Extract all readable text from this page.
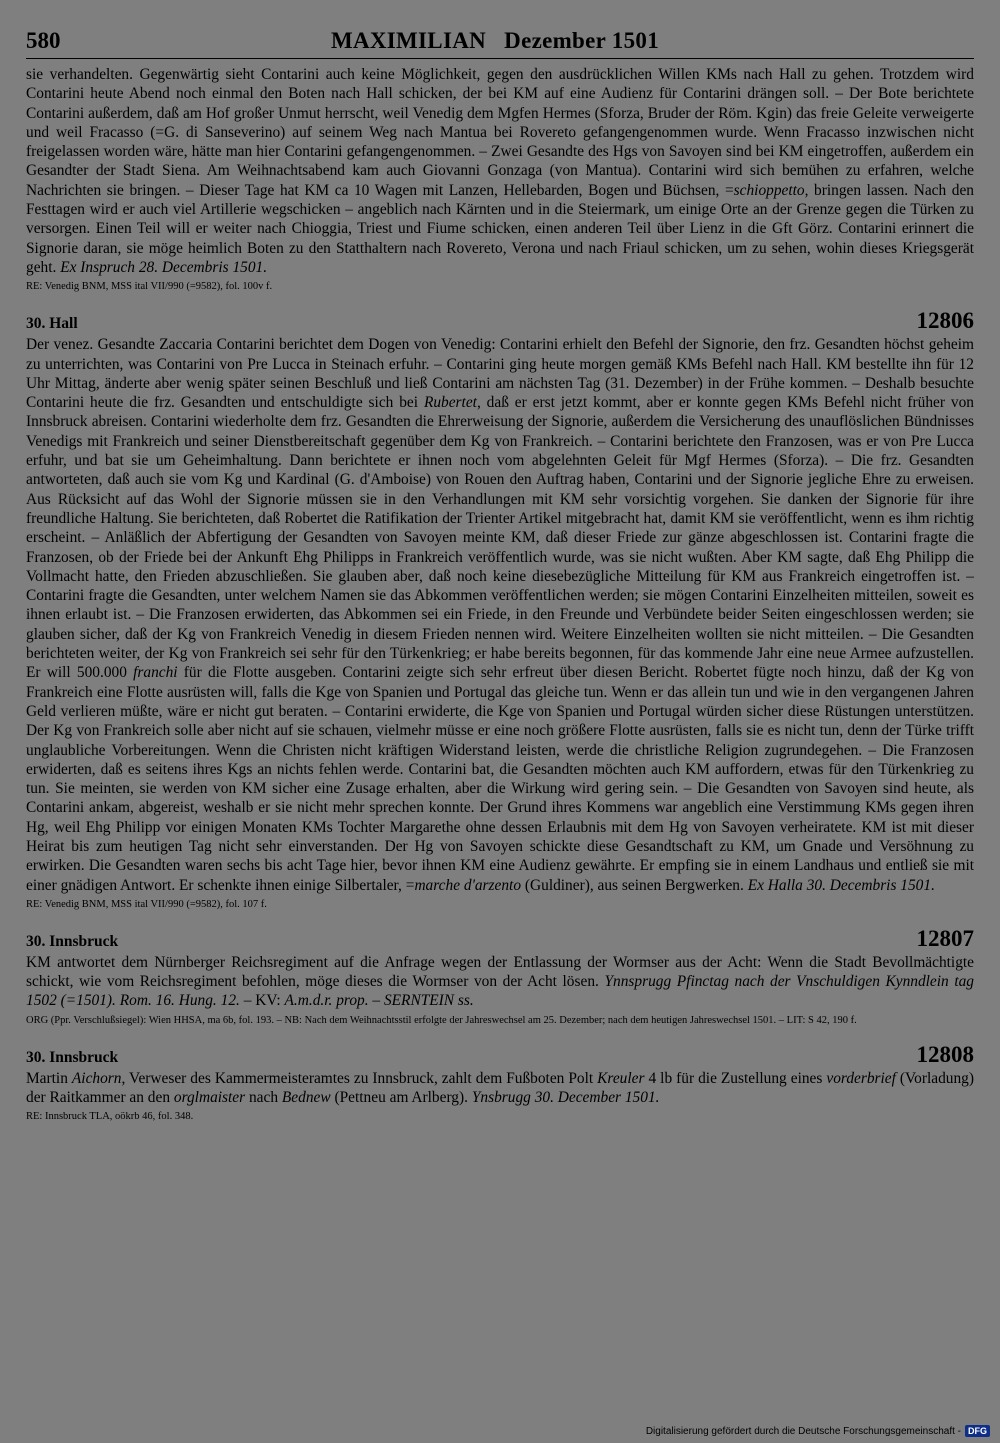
580	MAXIMILIAN   Dezember 1501

sie verhandelten. Gegenwärtig sieht Contarini auch keine Möglichkeit, gegen den ausdrücklichen Willen KMs nach Hall zu gehen. Trotzdem wird Contarini heute Abend noch einmal den Boten nach Hall schicken, der bei KM auf eine Audienz für Contarini drängen soll. – Der Bote berichtete Contarini außerdem, daß am Hof großer Unmut herrscht, weil Venedig dem Mgfen Hermes (Sforza, Bruder der Röm. Kgin) das freie Geleite verweigerte und weil Fracasso (=G. di Sanseverino) auf seinem Weg nach Mantua bei Rovereto gefangengenommen wurde. Wenn Fracasso inzwischen nicht freigelassen worden wäre, hätte man hier Contarini gefangengenommen. – Zwei Gesandte des Hgs von Savoyen sind bei KM eingetroffen, außerdem ein Gesandter der Stadt Siena. Am Weihnachtsabend kam auch Giovanni Gonzaga (von Mantua). Contarini wird sich bemühen zu erfahren, welche Nachrichten sie bringen. – Dieser Tage hat KM ca 10 Wagen mit Lanzen, Hellebarden, Bogen und Büchsen, =schioppetto, bringen lassen. Nach den Festtagen wird er auch viel Artillerie wegschicken – angeblich nach Kärnten und in die Steiermark, um einige Orte an der Grenze gegen die Türken zu versorgen. Einen Teil will er weiter nach Chioggia, Triest und Fiume schicken, einen anderen Teil über Lienz in die Gft Görz. Contarini erinnert die Signorie daran, sie möge heimlich Boten zu den Statthaltern nach Rovereto, Verona und nach Friaul schicken, um zu sehen, wohin dieses Kriegsgerät geht. Ex Inspruch 28. Decembris 1501.

RE: Venedig BNM, MSS ital VII/990 (=9582), fol. 100v f.

30. Hall	12806

Der venez. Gesandte Zaccaria Contarini berichtet dem Dogen von Venedig: Contarini erhielt den Befehl der Signorie, den frz. Gesandten höchst geheim zu unterrichten, was Contarini von Pre Lucca in Steinach erfuhr. – Contarini ging heute morgen gemäß KMs Befehl nach Hall. KM bestellte ihn für 12 Uhr Mittag, änderte aber wenig später seinen Beschluß und ließ Contarini am nächsten Tag (31. Dezember) in der Frühe kommen. – Deshalb besuchte Contarini heute die frz. Gesandten und entschuldigte sich bei Rubertet, daß er erst jetzt kommt, aber er konnte gegen KMs Befehl nicht früher von Innsbruck abreisen. Contarini wiederholte dem frz. Gesandten die Ehrerweisung der Signorie, außerdem die Versicherung des unauflöslichen Bündnisses Venedigs mit Frankreich und seiner Dienstbereitschaft gegenüber dem Kg von Frankreich. – Contarini berichtete den Franzosen, was er von Pre Lucca erfuhr, und bat sie um Geheimhaltung. Dann berichtete er ihnen noch vom abgelehnten Geleit für Mgf Hermes (Sforza). – Die frz. Gesandten antworteten, daß auch sie vom Kg und Kardinal (G. d'Amboise) von Rouen den Auftrag haben, Contarini und der Signorie jegliche Ehre zu erweisen. Aus Rücksicht auf das Wohl der Signorie müssen sie in den Verhandlungen mit KM sehr vorsichtig vorgehen. Sie danken der Signorie für ihre freundliche Haltung. Sie berichteten, daß Robertet die Ratifikation der Trienter Artikel mitgebracht hat, damit KM sie veröffentlicht, wenn es ihm richtig erscheint. – Anläßlich der Abfertigung der Gesandten von Savoyen meinte KM, daß dieser Friede zur gänze abgeschlossen ist. Contarini fragte die Franzosen, ob der Friede bei der Ankunft Ehg Philipps in Frankreich veröffentlich wurde, was sie nicht wußten. Aber KM sagte, daß Ehg Philipp die Vollmacht hatte, den Frieden abzuschließen. Sie glauben aber, daß noch keine diesebezügliche Mitteilung für KM aus Frankreich eingetroffen ist. – Contarini fragte die Gesandten, unter welchem Namen sie das Abkommen veröffentlichen werden; sie mögen Contarini Einzelheiten mitteilen, soweit es ihnen erlaubt ist. – Die Franzosen erwiderten, das Abkommen sei ein Friede, in den Freunde und Verbündete beider Seiten eingeschlossen werden; sie glauben sicher, daß der Kg von Frankreich Venedig in diesem Frieden nennen wird. Weitere Einzelheiten wollten sie nicht mitteilen. – Die Gesandten berichteten weiter, der Kg von Frankreich sei sehr für den Türkenkrieg; er habe bereits begonnen, für das kommende Jahr eine neue Armee aufzustellen. Er will 500.000 franchi für die Flotte ausgeben. Contarini zeigte sich sehr erfreut über diesen Bericht. Robertet fügte noch hinzu, daß der Kg von Frankreich eine Flotte ausrüsten will, falls die Kge von Spanien und Portugal das gleiche tun. Wenn er das allein tun und wie in den vergangenen Jahren Geld verlieren müßte, wäre er nicht gut beraten. – Contarini erwiderte, die Kge von Spanien und Portugal würden sicher diese Rüstungen unterstützen. Der Kg von Frankreich solle aber nicht auf sie schauen, vielmehr müsse er eine noch größere Flotte ausrüsten, falls sie es nicht tun, denn der Türke trifft unglaubliche Vorbereitungen. Wenn die Christen nicht kräftigen Widerstand leisten, werde die christliche Religion zugrundegehen. – Die Franzosen erwiderten, daß es seitens ihres Kgs an nichts fehlen werde. Contarini bat, die Gesandten möchten auch KM auffordern, etwas für den Türkenkrieg zu tun. Sie meinten, sie werden von KM sicher eine Zusage erhalten, aber die Wirkung wird gering sein. – Die Gesandten von Savoyen sind heute, als Contarini ankam, abgereist, weshalb er sie nicht mehr sprechen konnte. Der Grund ihres Kommens war angeblich eine Verstimmung KMs gegen ihren Hg, weil Ehg Philipp vor einigen Monaten KMs Tochter Margarethe ohne dessen Erlaubnis mit dem Hg von Savoyen verheiratete. KM ist mit dieser Heirat bis zum heutigen Tag nicht sehr einverstanden. Der Hg von Savoyen schickte diese Gesandtschaft zu KM, um Gnade und Versöhnung zu erwirken. Die Gesandten waren sechs bis acht Tage hier, bevor ihnen KM eine Audienz gewährte. Er empfing sie in einem Landhaus und entließ sie mit einer gnädigen Antwort. Er schenkte ihnen einige Silbertaler, =marche d'arzento (Guldiner), aus seinen Bergwerken. Ex Halla 30. Decembris 1501.

RE: Venedig BNM, MSS ital VII/990 (=9582), fol. 107 f.

30. Innsbruck	12807

KM antwortet dem Nürnberger Reichsregiment auf die Anfrage wegen der Entlassung der Wormser aus der Acht: Wenn die Stadt Bevollmächtigte schickt, wie vom Reichsregiment befohlen, möge dieses die Wormser von der Acht lösen. Ynnsprugg Pfinctag nach der Vnschuldigen Kynndlein tag 1502 (=1501). Rom. 16. Hung. 12. – KV: A.m.d.r. prop. – SERNTEIN ss.

ORG (Ppr. Verschlußsiegel): Wien HHSA, ma 6b, fol. 193. – NB: Nach dem Weihnachtsstil erfolgte der Jahreswechsel am 25. Dezember; nach dem heutigen Jahreswechsel 1501. – LIT: S 42, 190 f.

30. Innsbruck	12808

Martin Aichorn, Verweser des Kammermeisteramtes zu Innsbruck, zahlt dem Fußboten Polt Kreuler 4 lb für die Zustellung eines vorderbrief (Vorladung) der Raitkammer an den orglmaister nach Bednew (Pettneu am Arlberg). Ynsbrugg 30. December 1501.

RE: Innsbruck TLA, oökrb 46, fol. 348.

Digitalisierung gefördert durch die Deutsche Forschungsgemeinschaft - DFG
